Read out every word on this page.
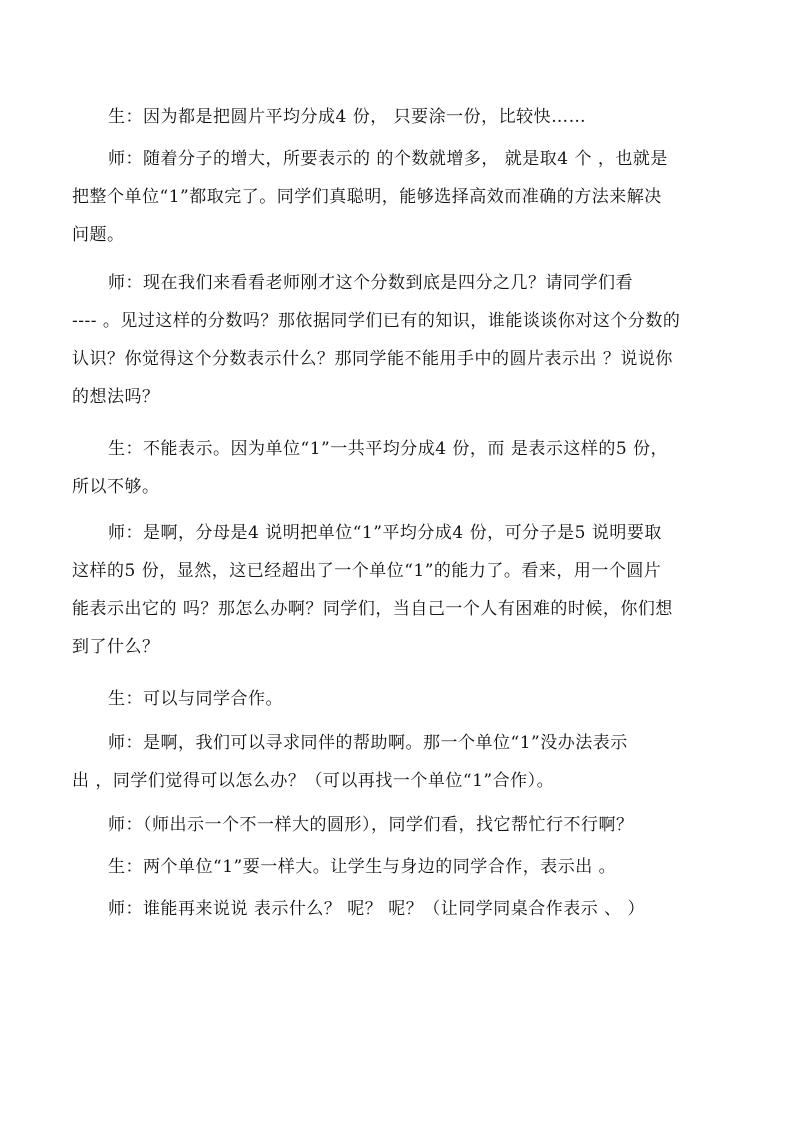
生：因为都是把圆片平均分成4 份， 只要涂一份，比较快……
师：随着分子的增大，所要表示的 的个数就增多， 就是取4 个 ，也就是
把整个单位“1”都取完了。同学们真聪明，能够选择高效而准确的方法来解决
问题。
师：现在我们来看看老师刚才这个分数到底是四分之几？请同学们看
---- 。见过这样的分数吗？那依据同学们已有的知识，谁能谈谈你对这个分数的
认识？你觉得这个分数表示什么？那同学能不能用手中的圆片表示出 ？说说你
的想法吗？
生：不能表示。因为单位“1”一共平均分成4 份，而 是表示这样的5 份，
所以不够。
师：是啊，分母是4 说明把单位“1”平均分成4 份，可分子是5 说明要取
这样的5 份，显然，这已经超出了一个单位“1”的能力了。看来，用一个圆片
能表示出它的 吗？那怎么办啊？同学们，当自己一个人有困难的时候，你们想
到了什么？
生：可以与同学合作。
师：是啊，我们可以寻求同伴的帮助啊。那一个单位“1”没办法表示
出 ，同学们觉得可以怎么办？（可以再找一个单位“1”合作）。
师：（师出示一个不一样大的圆形），同学们看，找它帮忙行不行啊？
生：两个单位“1”要一样大。让学生与身边的同学合作，表示出 。
师：谁能再来说说 表示什么？ 呢？ 呢？（让同学同桌合作表示 、 ）
